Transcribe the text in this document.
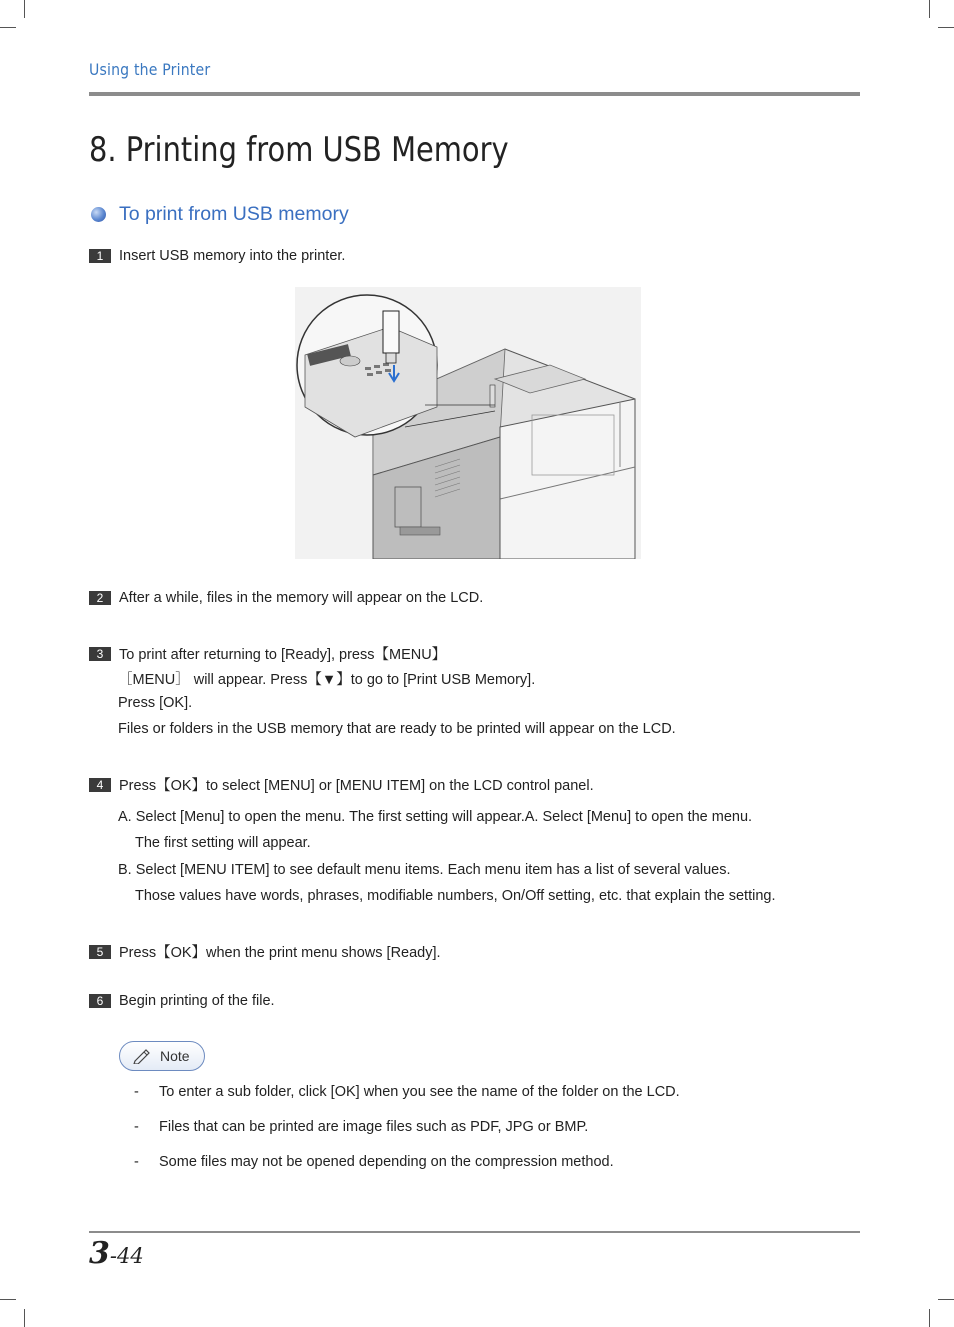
Using the Printer
8. Printing from USB Memory
To print from USB memory
1	Insert USB memory into the printer.
2	After a while, files in the memory will appear on the LCD.
3	To print after returning to [Ready], press【MENU】
［MENU］ will appear. Press【▼】to go to [Print USB Memory].
Press [OK].
Files or folders in the USB memory that are ready to be printed will appear on the LCD.
4	Press【OK】to select [MENU] or [MENU ITEM] on the LCD control panel.
A. Select [Menu] to open the menu. The first setting will appear.A. Select [Menu] to open the menu.
The first setting will appear.
B. Select [MENU ITEM] to see default menu items. Each menu item has a list of several values.
Those values have words, phrases, modifiable numbers, On/Off setting, etc. that explain the setting.
5	Press【OK】when the print menu shows [Ready].
6	Begin printing of the file.
Note
- To enter a sub folder, click [OK] when you see the name of the folder on the LCD.
- Files that can be printed are image files such as PDF, JPG or BMP.
- Some files may not be opened depending on the compression method.
3-44
